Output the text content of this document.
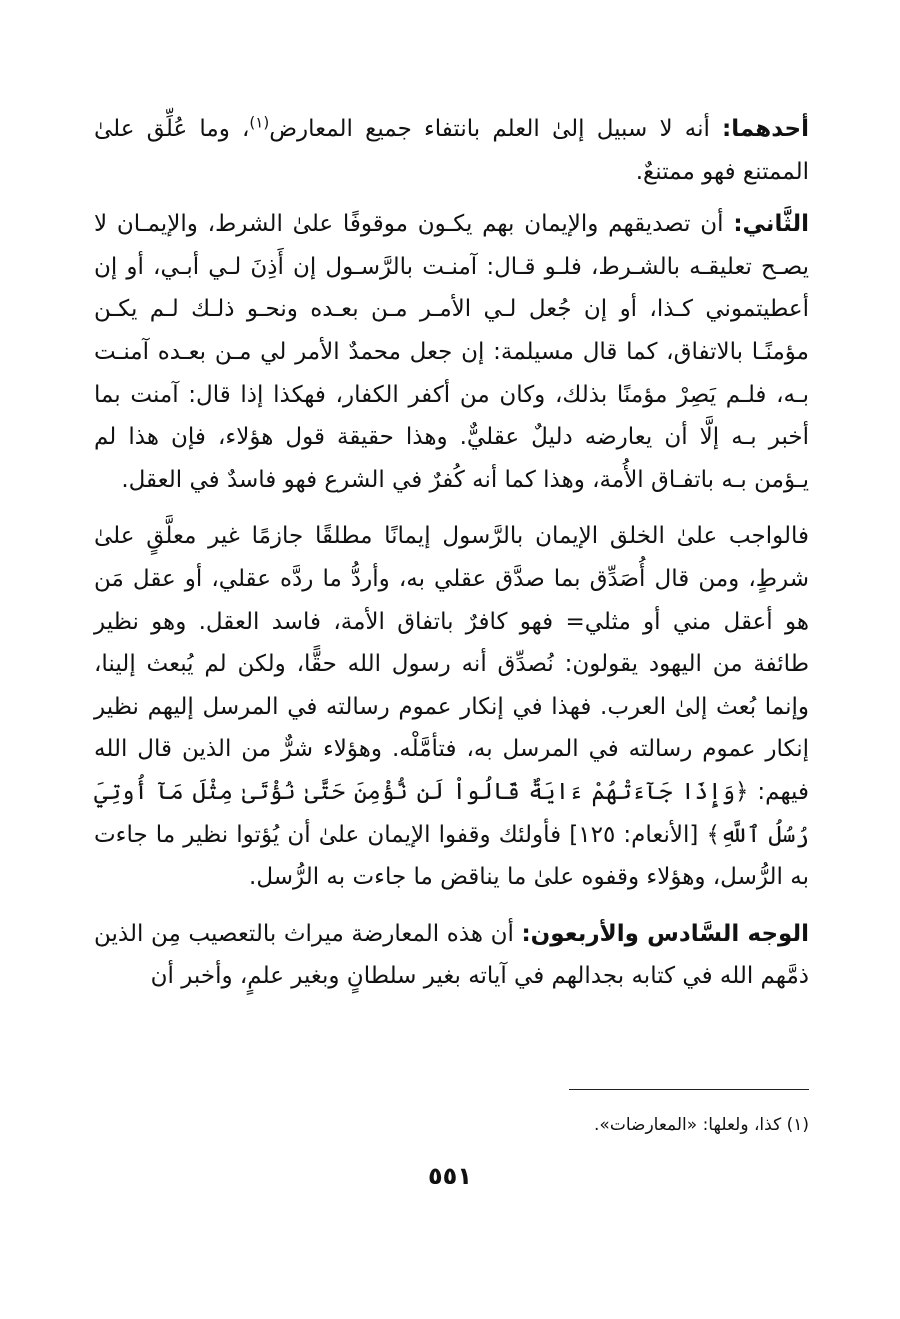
أحدهما: أنه لا سبيل إلىٰ العلم بانتفاء جميع المعارض$^{(١)}$، وما عُلِّق علىٰ الممتنع فهو ممتنعٌ.

الثَّاني: أن تصديقهم والإيمان بهم يكـون موقوفًا علىٰ الشرط، والإيمـان لا يصـح تعليقـه بالشـرط، فلـو قـال: آمنـت بالرَّسـول إن أَذِنَ لـي أبـي، أو إن أعطيتموني كـذا، أو إن جُعل لـي الأمـر مـن بعـده ونحـو ذلـك لـم يكـن مؤمنًـا بالاتفاق، كما قال مسيلمة: إن جعل محمدٌ الأمر لي مـن بعـده آمنـت بـه، فلـم يَصِرْ مؤمنًا بذلك، وكان من أكفر الكفار، فهكذا إذا قال: آمنت بما أخبر بـه إلَّا أن يعارضه دليلٌ عقليٌّ. وهذا حقيقة قول هؤلاء، فإن هذا لم يـؤمن بـه باتفـاق الأُمة، وهذا كما أنه كُفرٌ في الشرع فهو فاسدٌ في العقل.

فالواجب علىٰ الخلق الإيمان بالرَّسول إيمانًا مطلقًا جازمًا غير معلَّقٍ علىٰ شرطٍ، ومن قال أُصَدِّق بما صدَّق عقلي به، وأردُّ ما ردَّه عقلي، أو عقل مَن هو أعقل مني أو مثلي= فهو كافرٌ باتفاق الأمة، فاسد العقل. وهو نظير طائفة من اليهود يقولون: نُصدِّق أنه رسول الله حقًّا، ولكن لم يُبعث إلينا، وإنما بُعث إلىٰ العرب. فهذا في إنكار عموم رسالته في المرسل إليهم نظير إنكار عموم رسالته في المرسل به، فتأمَّلْه. وهؤلاء شرٌّ من الذين قال الله فيهم: ﴿وَإِذَا جَآءَتْهُمْ ءَايَةٌ قَالُواْ لَن نُّؤْمِنَ حَتَّىٰ نُؤْتَىٰ مِثْلَ مَآ أُوتِيَ رُسُلُ ٱللَّهِ﴾ [الأنعام: ١٢٥] فأولئك وقفوا الإيمان علىٰ أن يُؤتوا نظير ما جاءت به الرُّسل، وهؤلاء وقفوه علىٰ ما يناقض ما جاءت به الرُّسل.

الوجه السَّادس والأربعون: أن هذه المعارضة ميراث بالتعصيب مِن الذين ذمَّهم الله في كتابه بجدالهم في آياته بغير سلطانٍ وبغير علمٍ، وأخبر أن

(١) كذا، ولعلها: «المعارضات».
٥٥١
